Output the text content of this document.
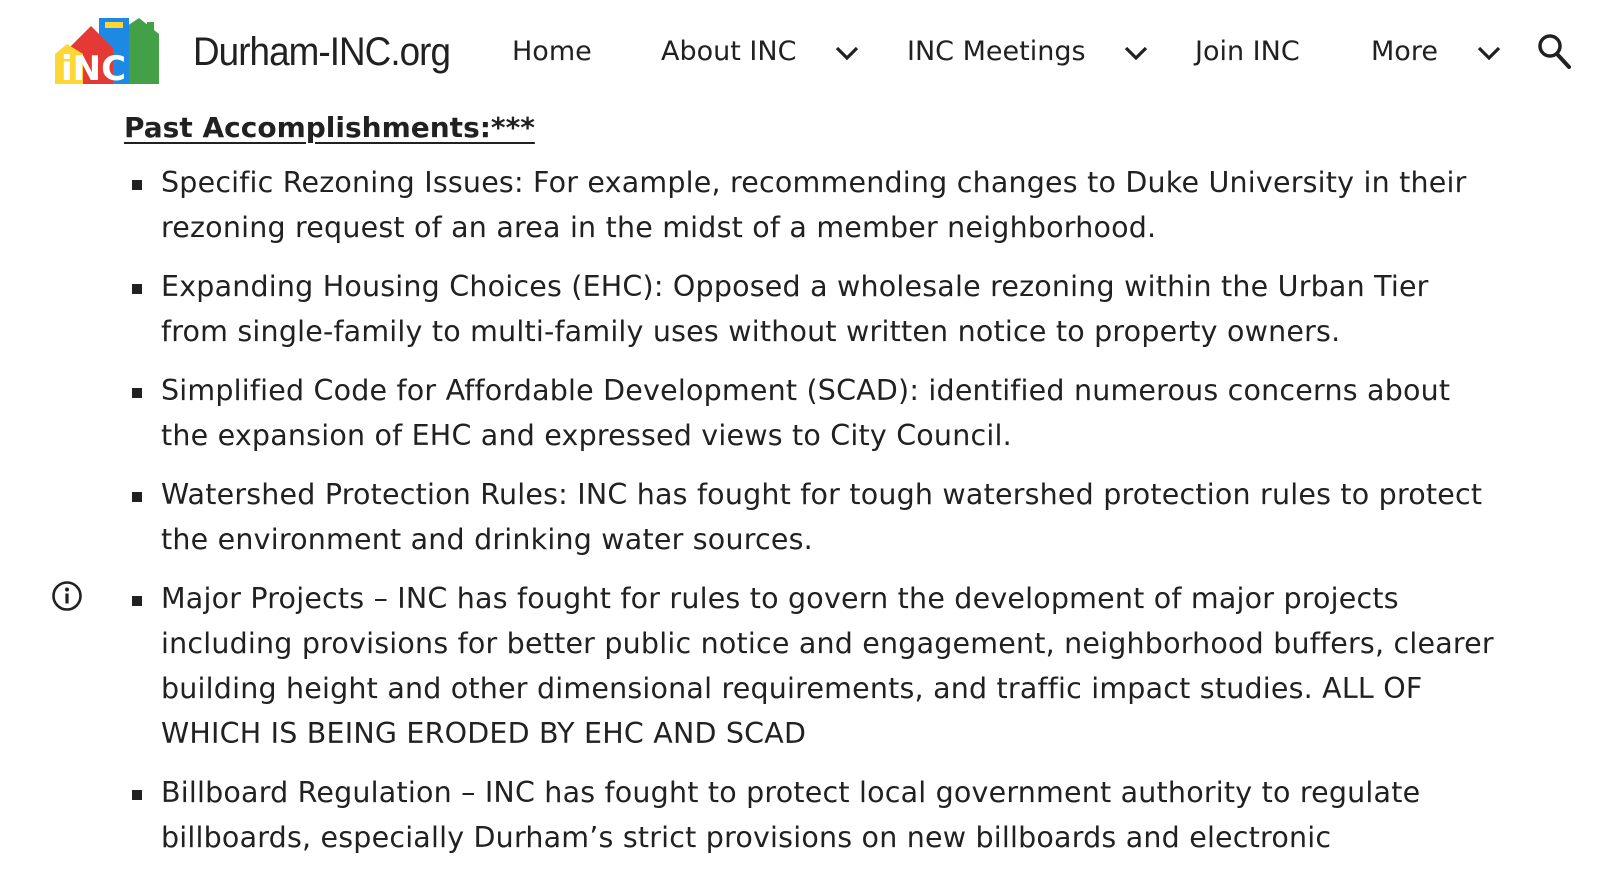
iNC Durham-INC.org Home	About INC	INC Meetings	Join INC	More
Past Accomplishments:***
Specific Rezoning Issues: For example, recommending changes to Duke University in their rezoning request of an area in the midst of a member neighborhood.
Expanding Housing Choices (EHC): Opposed a wholesale rezoning within the Urban Tier from single-family to multi-family uses without written notice to property owners.
Simplified Code for Affordable Development (SCAD): identified numerous concerns about the expansion of EHC and expressed views to City Council.
Watershed Protection Rules: INC has fought for tough watershed protection rules to protect the environment and drinking water sources.
Major Projects – INC has fought for rules to govern the development of major projects including provisions for better public notice and engagement, neighborhood buffers, clearer building height and other dimensional requirements, and traffic impact studies. ALL OF WHICH IS BEING ERODED BY EHC AND SCAD
Billboard Regulation – INC has fought to protect local government authority to regulate billboards, especially Durham’s strict provisions on new billboards and electronic
